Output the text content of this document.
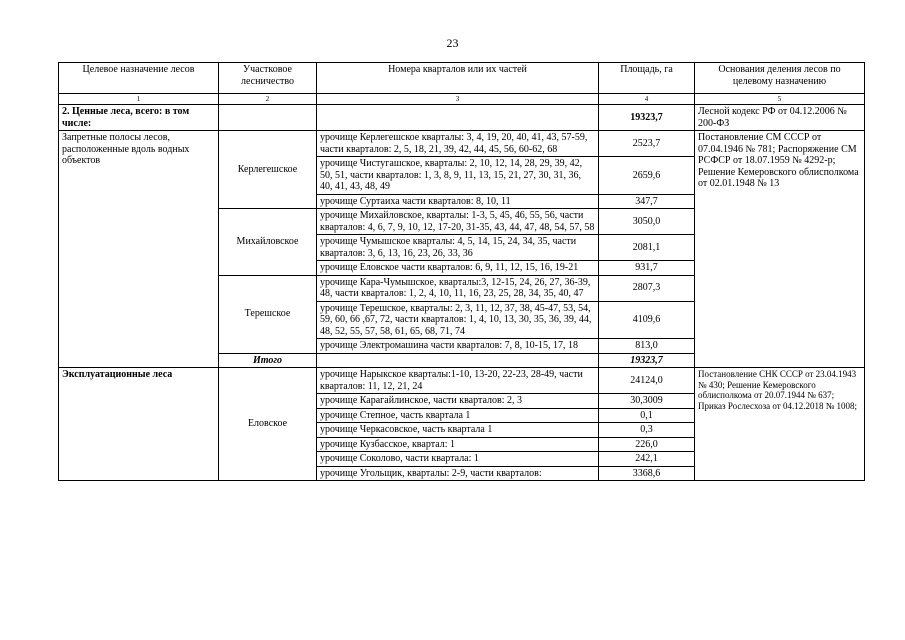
23
Целевое назначение лесов	Участковое лесничество	Номера кварталов или их частей	Площадь, га	Основания деления лесов по целевому назначению
1	2	3	4	5
2. Ценные леса, всего: в том числе:			19323,7	Лесной кодекс РФ от 04.12.2006 № 200-ФЗ
Запретные полосы лесов, расположенные вдоль водных объектов	Керлегешское	урочище Керлегешское кварталы: 3, 4, 19, 20, 40, 41, 43, 57-59, части кварталов: 2, 5, 18, 21, 39, 42, 44, 45, 56, 60-62, 68	2523,7	Постановление СМ СССР от 07.04.1946 № 781; Распоряжение СМ РСФСР от 18.07.1959 № 4292-р; Решение Кемеровского облисполкома от 02.01.1948 № 13
		урочище Чистугашское, кварталы: 2, 10, 12, 14, 28, 29, 39, 42, 50, 51, части кварталов: 1, 3, 8, 9, 11, 13, 15, 21, 27, 30, 31, 36, 40, 41, 43, 48, 49	2659,6	
		урочище Суртаиха части кварталов: 8, 10, 11	347,7	
	Михайловское	урочище Михайловское, кварталы: 1-3, 5, 45, 46, 55, 56, части кварталов: 4, 6, 7, 9, 10, 12, 17-20, 31-35, 43, 44, 47, 48, 54, 57, 58	3050,0	
		урочище Чумышское кварталы: 4, 5, 14, 15, 24, 34, 35, части кварталов: 3, 6, 13, 16, 23, 26, 33, 36	2081,1	
		урочище Еловское части кварталов: 6, 9, 11, 12, 15, 16, 19-21	931,7	
	Терешское	урочище Кара-Чумышское, кварталы:3, 12-15, 24, 26, 27, 36-39, 48, части кварталов: 1, 2, 4, 10, 11, 16, 23, 25, 28, 34, 35, 40, 47	2807,3	
		урочище Терешское, кварталы: 2, 3, 11, 12, 37, 38, 45-47, 53, 54, 59, 60, 66 ,67, 72, части кварталов: 1, 4, 10, 13, 30, 35, 36, 39, 44, 48, 52, 55, 57, 58, 61, 65, 68, 71, 74	4109,6	
		урочище Электромашина части кварталов: 7, 8, 10-15, 17, 18	813,0	
	Итого		19323,7	
Эксплуатационные леса	Еловское	урочище Нарыкское кварталы:1-10, 13-20, 22-23, 28-49, части кварталов: 11, 12, 21, 24	24124,0	Постановление СНК СССР от 23.04.1943 № 430; Решение Кемеровского облисполкома от 20.07.1944 № 637; Приказ Рослесхоза от 04.12.2018 № 1008;
		урочище Карагайлинское, части кварталов: 2, 3	30,3009	
		урочище Степное, часть квартала 1	0,1	
		урочище Черкасовское, часть квартала 1	0,3	
		урочище Кузбасское, квартал: 1	226,0	
		урочище Соколово, части квартала: 1	242,1	
		урочище Угольщик, кварталы: 2-9, части кварталов:	3368,6	
